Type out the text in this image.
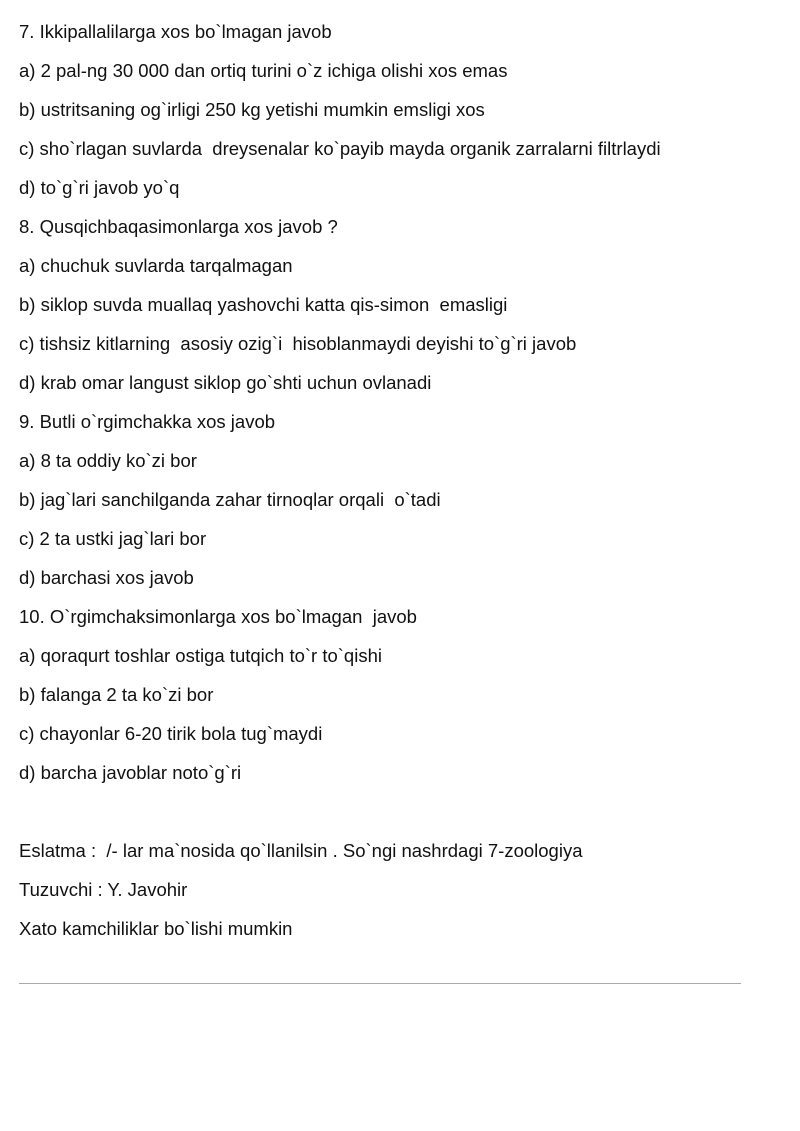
7. Ikkipallalilarga xos bo`lmagan javob
a) 2 pal-ng 30 000 dan ortiq turini o`z ichiga olishi xos emas
b) ustritsaning og`irligi 250 kg yetishi mumkin emsligi xos
c) sho`rlagan suvlarda  dreysenalar ko`payib mayda organik zarralarni filtrlaydi
d) to`g`ri javob yo`q
8. Qusqichbaqasimonlarga xos javob ?
a) chuchuk suvlarda tarqalmagan
b) siklop suvda muallaq yashovchi katta qis-simon  emasligi
c) tishsiz kitlarning  asosiy ozig`i  hisoblanmaydi deyishi to`g`ri javob
d) krab omar langust siklop go`shti uchun ovlanadi
9. Butli o`rgimchakka xos javob
a) 8 ta oddiy ko`zi bor
b) jag`lari sanchilganda zahar tirnoqlar orqali  o`tadi
c) 2 ta ustki jag`lari bor
d) barchasi xos javob
10. O`rgimchaksimonlarga xos bo`lmagan  javob
a) qoraqurt toshlar ostiga tutqich to`r to`qishi
b) falanga 2 ta ko`zi bor
c) chayonlar 6-20 tirik bola tug`maydi
d) barcha javoblar noto`g`ri
Eslatma :  /- lar ma`nosida qo`llanilsin . So`ngi nashrdagi 7-zoologiya
Tuzuvchi : Y. Javohir
Xato kamchiliklar bo`lishi mumkin
